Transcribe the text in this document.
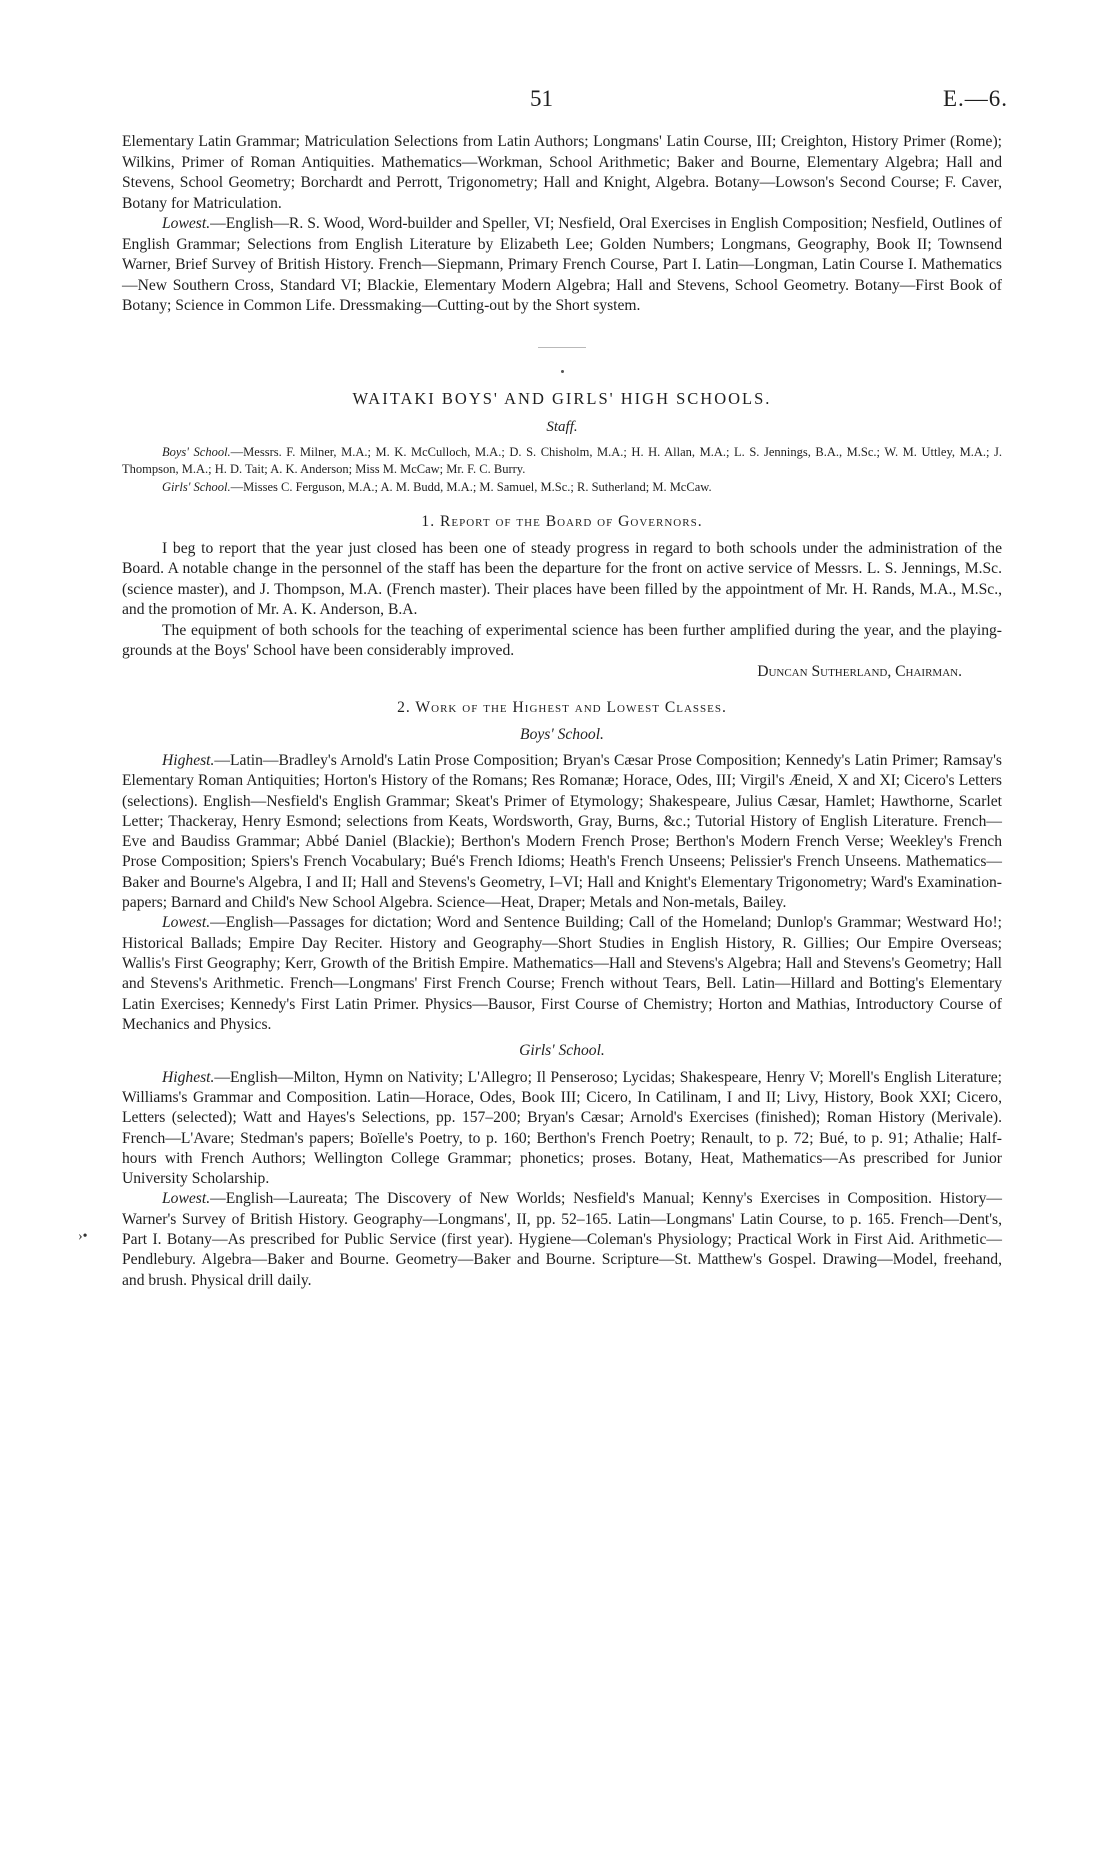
51	E.—6.
›•

Elementary Latin Grammar; Matriculation Selections from Latin Authors; Longmans' Latin Course, III; Creighton, History Primer (Rome); Wilkins, Primer of Roman Antiquities. Mathematics—Workman, School Arithmetic; Baker and Bourne, Elementary Algebra; Hall and Stevens, School Geometry; Borchardt and Perrott, Trigonometry; Hall and Knight, Algebra. Botany—Lowson's Second Course; F. Caver, Botany for Matriculation.

Lowest.—English—R. S. Wood, Word-builder and Speller, VI; Nesfield, Oral Exercises in English Composition; Nesfield, Outlines of English Grammar; Selections from English Literature by Elizabeth Lee; Golden Numbers; Longmans, Geography, Book II; Townsend Warner, Brief Survey of British History. French—Siepmann, Primary French Course, Part I. Latin—Longman, Latin Course I. Mathematics—New Southern Cross, Standard VI; Blackie, Elementary Modern Algebra; Hall and Stevens, School Geometry. Botany—First Book of Botany; Science in Common Life. Dressmaking—Cutting-out by the Short system.

WAITAKI BOYS' AND GIRLS' HIGH SCHOOLS.
Staff.

Boys' School.—Messrs. F. Milner, M.A.; M. K. McCulloch, M.A.; D. S. Chisholm, M.A.; H. H. Allan, M.A.; L. S. Jennings, B.A., M.Sc.; W. M. Uttley, M.A.; J. Thompson, M.A.; H. D. Tait; A. K. Anderson; Miss M. McCaw; Mr. F. C. Burry.

Girls' School.—Misses C. Ferguson, M.A.; A. M. Budd, M.A.; M. Samuel, M.Sc.; R. Sutherland; M. McCaw.

1. Report of the Board of Governors.

I beg to report that the year just closed has been one of steady progress in regard to both schools under the administration of the Board. A notable change in the personnel of the staff has been the departure for the front on active service of Messrs. L. S. Jennings, M.Sc. (science master), and J. Thompson, M.A. (French master). Their places have been filled by the appointment of Mr. H. Rands, M.A., M.Sc., and the promotion of Mr. A. K. Anderson, B.A.

The equipment of both schools for the teaching of experimental science has been further amplified during the year, and the playing-grounds at the Boys' School have been considerably improved.

Duncan Sutherland, Chairman.

2. Work of the Highest and Lowest Classes.
Boys' School.

Highest.—Latin—Bradley's Arnold's Latin Prose Composition; Bryan's Cæsar Prose Composition; Kennedy's Latin Primer; Ramsay's Elementary Roman Antiquities; Horton's History of the Romans; Res Romanæ; Horace, Odes, III; Virgil's Æneid, X and XI; Cicero's Letters (selections). English—Nesfield's English Grammar; Skeat's Primer of Etymology; Shakespeare, Julius Cæsar, Hamlet; Hawthorne, Scarlet Letter; Thackeray, Henry Esmond; selections from Keats, Wordsworth, Gray, Burns, &c.; Tutorial History of English Literature. French—Eve and Baudiss Grammar; Abbé Daniel (Blackie); Berthon's Modern French Prose; Berthon's Modern French Verse; Weekley's French Prose Composition; Spiers's French Vocabulary; Bué's French Idioms; Heath's French Unseens; Pelissier's French Unseens. Mathematics—Baker and Bourne's Algebra, I and II; Hall and Stevens's Geometry, I–VI; Hall and Knight's Elementary Trigonometry; Ward's Examination-papers; Barnard and Child's New School Algebra. Science—Heat, Draper; Metals and Non-metals, Bailey.

Lowest.—English—Passages for dictation; Word and Sentence Building; Call of the Homeland; Dunlop's Grammar; Westward Ho!; Historical Ballads; Empire Day Reciter. History and Geography—Short Studies in English History, R. Gillies; Our Empire Overseas; Wallis's First Geography; Kerr, Growth of the British Empire. Mathematics—Hall and Stevens's Algebra; Hall and Stevens's Geometry; Hall and Stevens's Arithmetic. French—Longmans' First French Course; French without Tears, Bell. Latin—Hillard and Botting's Elementary Latin Exercises; Kennedy's First Latin Primer. Physics—Bausor, First Course of Chemistry; Horton and Mathias, Introductory Course of Mechanics and Physics.

Girls' School.

Highest.—English—Milton, Hymn on Nativity; L'Allegro; Il Penseroso; Lycidas; Shakespeare, Henry V; Morell's English Literature; Williams's Grammar and Composition. Latin—Horace, Odes, Book III; Cicero, In Catilinam, I and II; Livy, History, Book XXI; Cicero, Letters (selected); Watt and Hayes's Selections, pp. 157–200; Bryan's Cæsar; Arnold's Exercises (finished); Roman History (Merivale). French—L'Avare; Stedman's papers; Boïelle's Poetry, to p. 160; Berthon's French Poetry; Renault, to p. 72; Bué, to p. 91; Athalie; Half-hours with French Authors; Wellington College Grammar; phonetics; proses. Botany, Heat, Mathematics—As prescribed for Junior University Scholarship.

Lowest.—English—Laureata; The Discovery of New Worlds; Nesfield's Manual; Kenny's Exercises in Composition. History—Warner's Survey of British History. Geography—Longmans', II, pp. 52–165. Latin—Longmans' Latin Course, to p. 165. French—Dent's, Part I. Botany—As prescribed for Public Service (first year). Hygiene—Coleman's Physiology; Practical Work in First Aid. Arithmetic—Pendlebury. Algebra—Baker and Bourne. Geometry—Baker and Bourne. Scripture—St. Matthew's Gospel. Drawing—Model, freehand, and brush. Physical drill daily.
